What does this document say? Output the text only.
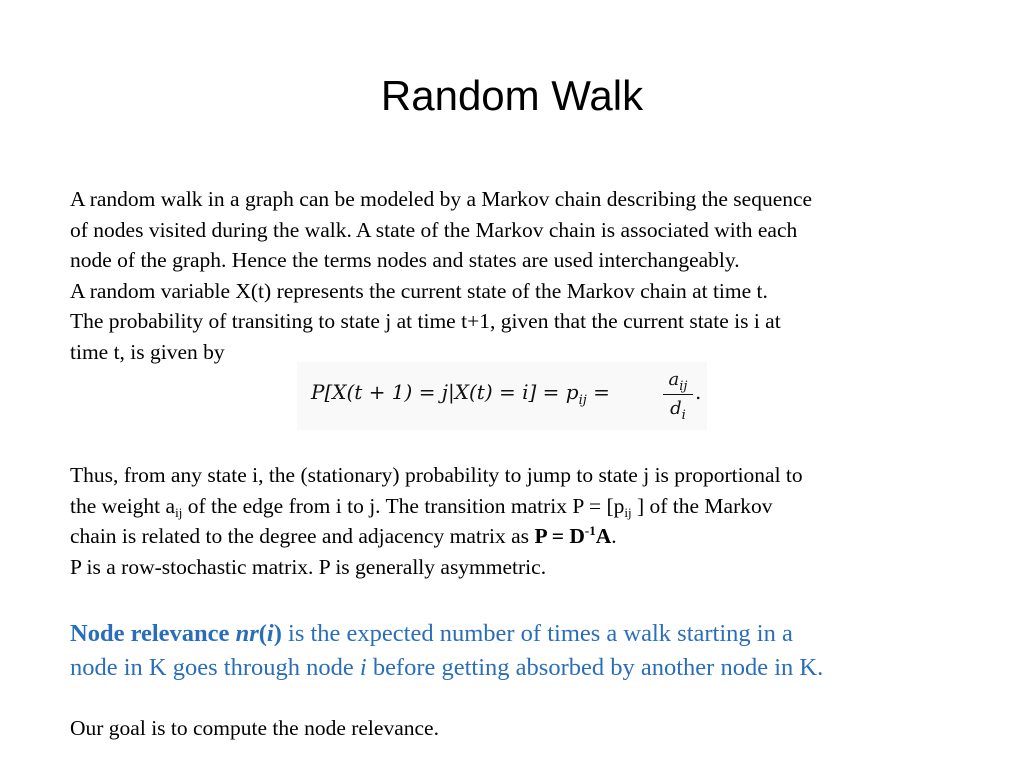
Random Walk
A random walk in a graph can be modeled by a Markov chain describing the sequence
of nodes visited during the walk. A state of the Markov chain is associated with each
node of the graph. Hence the terms nodes and states are used interchangeably.
A random variable X(t) represents the current state of the Markov chain at time t.
The probability of transiting to state j at time t+1, given that the current state is i at
time t, is given by
$P[X(t + 1) = j|X(t) = i] = p_{ij}$ =
$a_{ij}$
$d_i$
.
Thus, from any state i, the (stationary) probability to jump to state j is proportional to
the weight $a_{ij}$ of the edge from i to j. The transition matrix $P = [p_{ij}$ ] of the Markov
chain is related to the degree and adjacency matrix as $P = D^{-1}A$.
P is a row-stochastic matrix. P is generally asymmetric.
Node relevance nr(i) is the expected number of times a walk starting in a
node in K goes through node i before getting absorbed by another node in K.
Our goal is to compute the node relevance.
